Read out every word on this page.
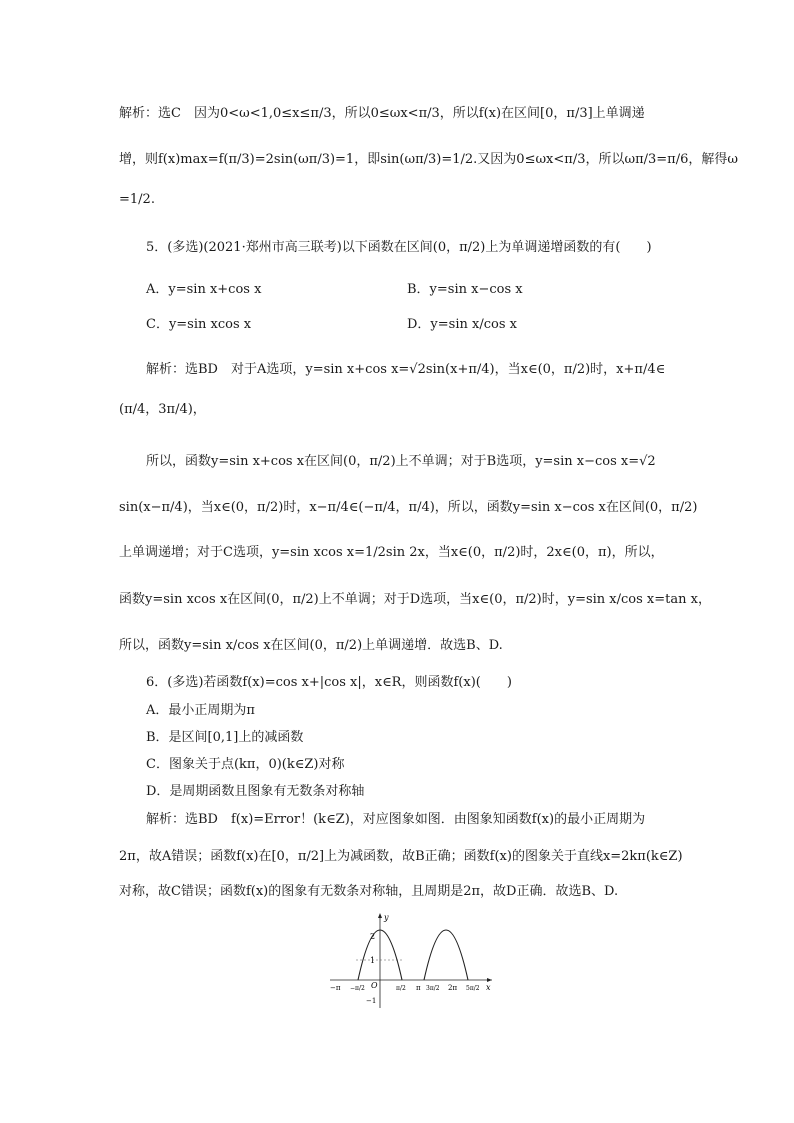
解析：选C　因为0<ω<1,0≤x≤π/3，所以0≤ωx<π/3，所以f(x)在区间[0，π/3]上单调递
增，则f(x)max=f(π/3)=2sin(ωπ/3)=1，即sin(ωπ/3)=1/2.又因为0≤ωx<π/3，所以ωπ/3=π/6，解得ω
=1/2.
5．(多选)(2021·郑州市高三联考)以下函数在区间(0，π/2)上为单调递增函数的有(　　)
A．y=sin x+cos x	B．y=sin x−cos x
C．y=sin xcos x	D．y=sin x/cos x
解析：选BD　对于A选项，y=sin x+cos x=√2sin(x+π/4)，当x∈(0，π/2)时，x+π/4∈
(π/4，3π/4)，
所以，函数y=sin x+cos x在区间(0，π/2)上不单调；对于B选项，y=sin x−cos x=√2
sin(x−π/4)，当x∈(0，π/2)时，x−π/4∈(−π/4，π/4)，所以，函数y=sin x−cos x在区间(0，π/2)
上单调递增；对于C选项，y=sin xcos x=1/2sin 2x，当x∈(0，π/2)时，2x∈(0，π)，所以，
函数y=sin xcos x在区间(0，π/2)上不单调；对于D选项，当x∈(0，π/2)时，y=sin x/cos x=tan x，
所以，函数y=sin x/cos x在区间(0，π/2)上单调递增．故选B、D.
6．(多选)若函数f(x)=cos x+|cos x|，x∈R，则函数f(x)(　　)
A．最小正周期为π
B．是区间[0,1]上的减函数
C．图象关于点(kπ，0)(k∈Z)对称
D．是周期函数且图象有无数条对称轴
解析：选BD　f(x)=Error！(k∈Z)，对应图象如图．由图象知函数f(x)的最小正周期为
2π，故A错误；函数f(x)在[0，π/2]上为减函数，故B正确；函数f(x)的图象关于直线x=2kπ(k∈Z)
对称，故C错误；函数f(x)的图象有无数条对称轴，且周期是2π，故D正确．故选B、D.
y
x
2
1
−1
O
−π −π/2	π/2 π 3π/2 2π 5π/2
